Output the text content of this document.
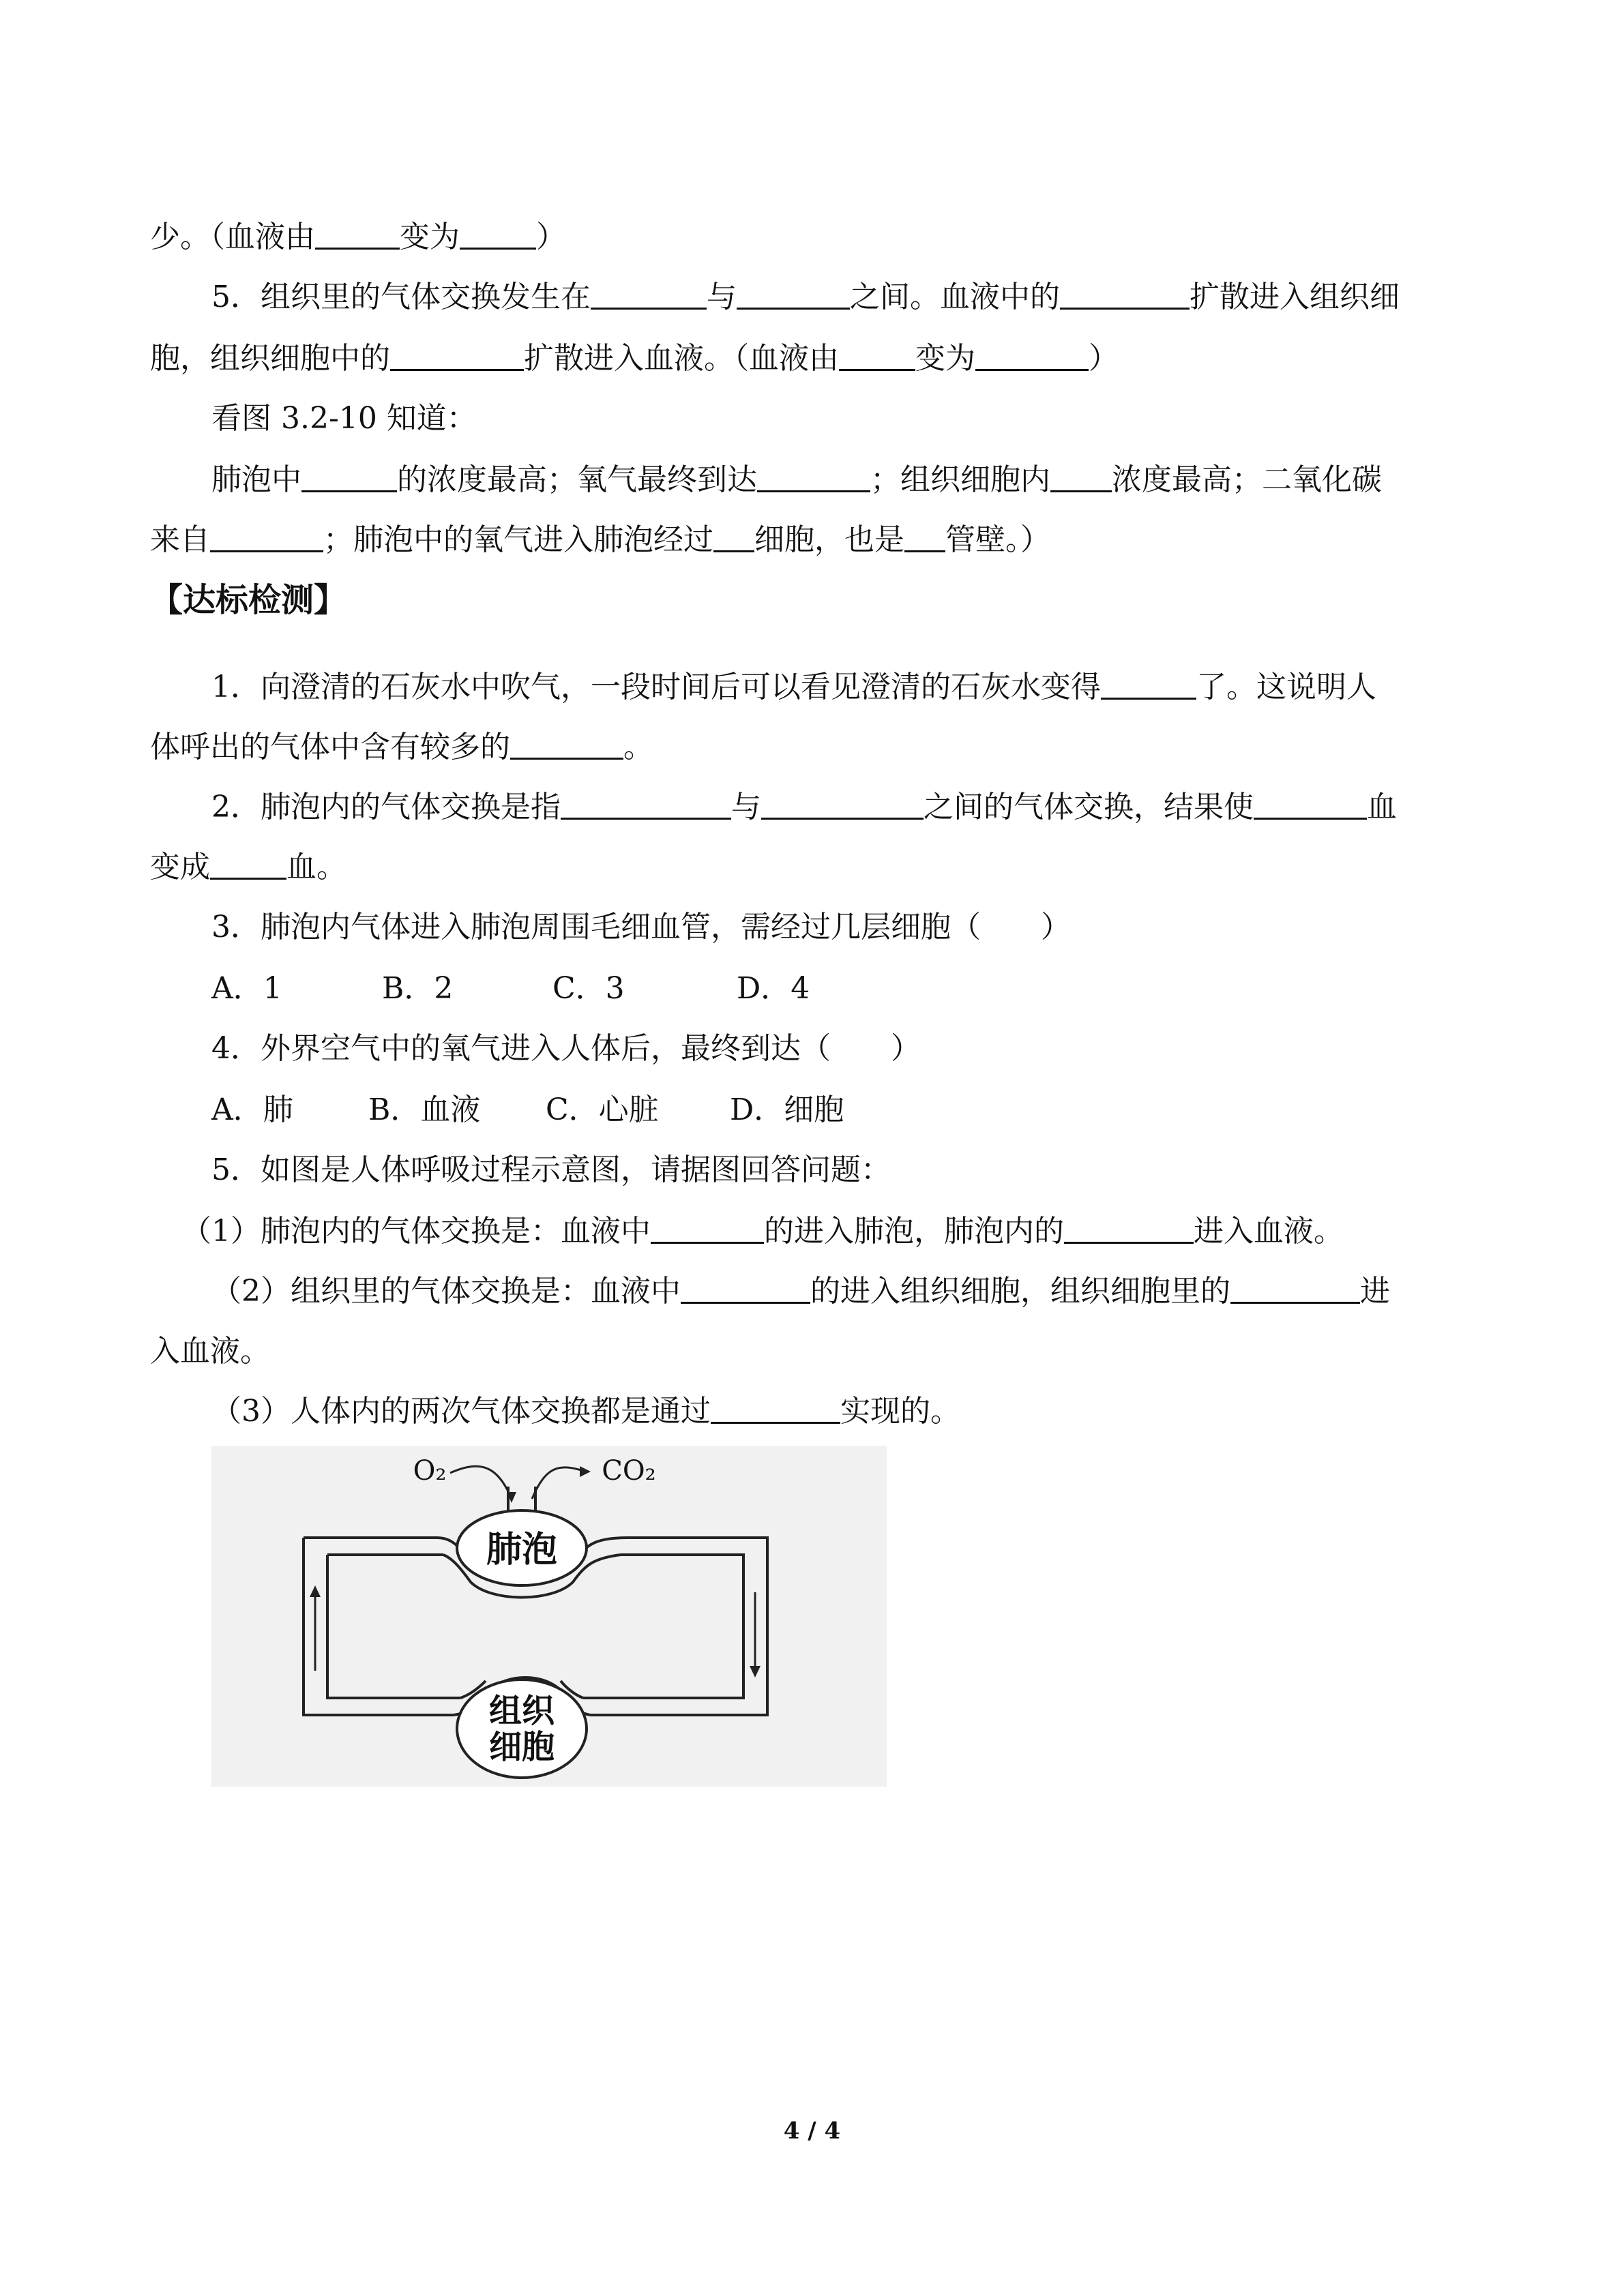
少。（血液由	变为	）
5．组织里的气体交换发生在	与	之间。血液中的	扩散进入组织细
胞，组织细胞中的	扩散进入血液。（血液由	变为	）
看图 3.2-10 知道：
肺泡中	的浓度最高；氧气最终到达	；组织细胞内 浓度最高；二氧化碳
来自	；肺泡中的氧气进入肺泡经过 细胞，也是 管壁。）
【达标检测】
1．向澄清的石灰水中吹气，一段时间后可以看见澄清的石灰水变得	了。这说明人
体呼出的气体中含有较多的	。
2．肺泡内的气体交换是指	与	之间的气体交换，结果使	血
变成	血。
3．肺泡内气体进入肺泡周围毛细血管，需经过几层细胞（　　）
A．1	B．2	C．3	D．4
4．外界空气中的氧气进入人体后，最终到达（　　）
A．肺	B．血液 C．心脏 D．细胞
5．如图是人体呼吸过程示意图，请据图回答问题：
（1）肺泡内的气体交换是：血液中	的进入肺泡，肺泡内的	进入血液。
（2）组织里的气体交换是：血液中	的进入组织细胞，组织细胞里的	进
入血液。
（3）人体内的两次气体交换都是通过	实现的。
肺泡
组织
细胞
O₂	CO₂
4 / 4
